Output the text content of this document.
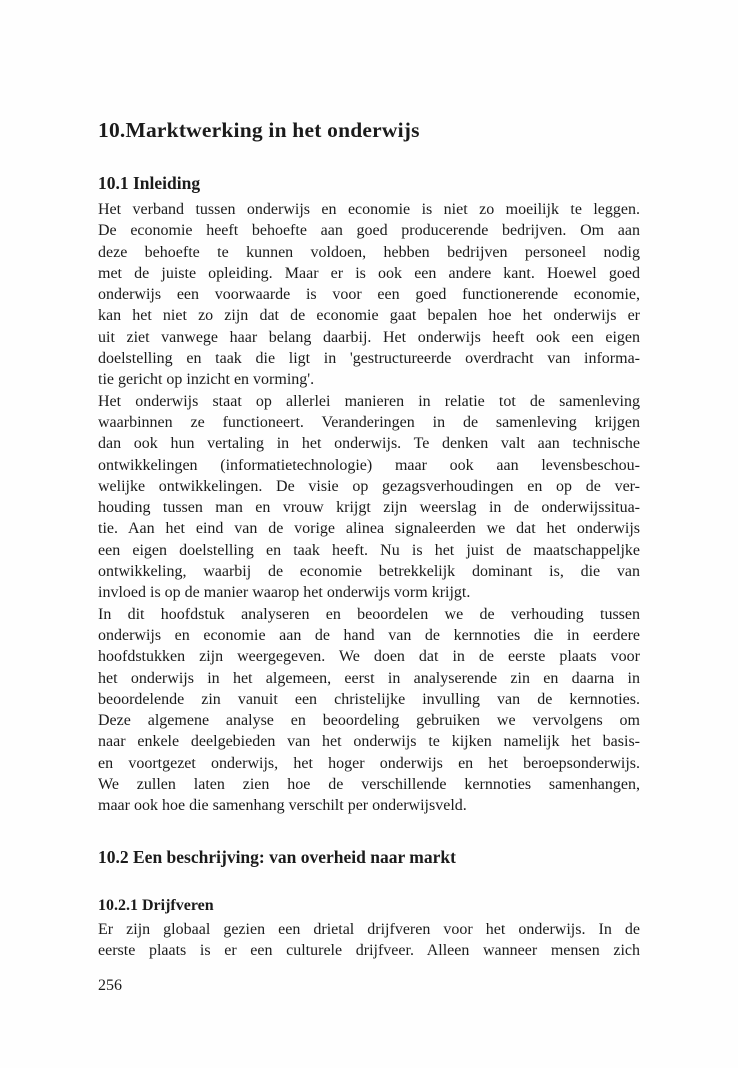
10.Marktwerking in het onderwijs
10.1 Inleiding
Het verband tussen onderwijs en economie is niet zo moeilijk te leggen.
De economie heeft behoefte aan goed producerende bedrijven. Om aan
deze behoefte te kunnen voldoen, hebben bedrijven personeel nodig
met de juiste opleiding. Maar er is ook een andere kant. Hoewel goed
onderwijs een voorwaarde is voor een goed functionerende economie,
kan het niet zo zijn dat de economie gaat bepalen hoe het onderwijs er
uit ziet vanwege haar belang daarbij. Het onderwijs heeft ook een eigen
doelstelling en taak die ligt in 'gestructureerde overdracht van informa-
tie gericht op inzicht en vorming'.
Het onderwijs staat op allerlei manieren in relatie tot de samenleving
waarbinnen ze functioneert. Veranderingen in de samenleving krijgen
dan ook hun vertaling in het onderwijs. Te denken valt aan technische
ontwikkelingen (informatietechnologie) maar ook aan levensbeschou-
welijke ontwikkelingen. De visie op gezagsverhoudingen en op de ver-
houding tussen man en vrouw krijgt zijn weerslag in de onderwijssitua-
tie. Aan het eind van de vorige alinea signaleerden we dat het onderwijs
een eigen doelstelling en taak heeft. Nu is het juist de maatschappeljke
ontwikkeling, waarbij de economie betrekkelijk dominant is, die van
invloed is op de manier waarop het onderwijs vorm krijgt.
In dit hoofdstuk analyseren en beoordelen we de verhouding tussen
onderwijs en economie aan de hand van de kernnoties die in eerdere
hoofdstukken zijn weergegeven. We doen dat in de eerste plaats voor
het onderwijs in het algemeen, eerst in analyserende zin en daarna in
beoordelende zin vanuit een christelijke invulling van de kernnoties.
Deze algemene analyse en beoordeling gebruiken we vervolgens om
naar enkele deelgebieden van het onderwijs te kijken namelijk het basis-
en voortgezet onderwijs, het hoger onderwijs en het beroepsonderwijs.
We zullen laten zien hoe de verschillende kernnoties samenhangen,
maar ook hoe die samenhang verschilt per onderwijsveld.
10.2 Een beschrijving: van overheid naar markt
10.2.1 Drijfveren
Er zijn globaal gezien een drietal drijfveren voor het onderwijs. In de
eerste plaats is er een culturele drijfveer. Alleen wanneer mensen zich
256
